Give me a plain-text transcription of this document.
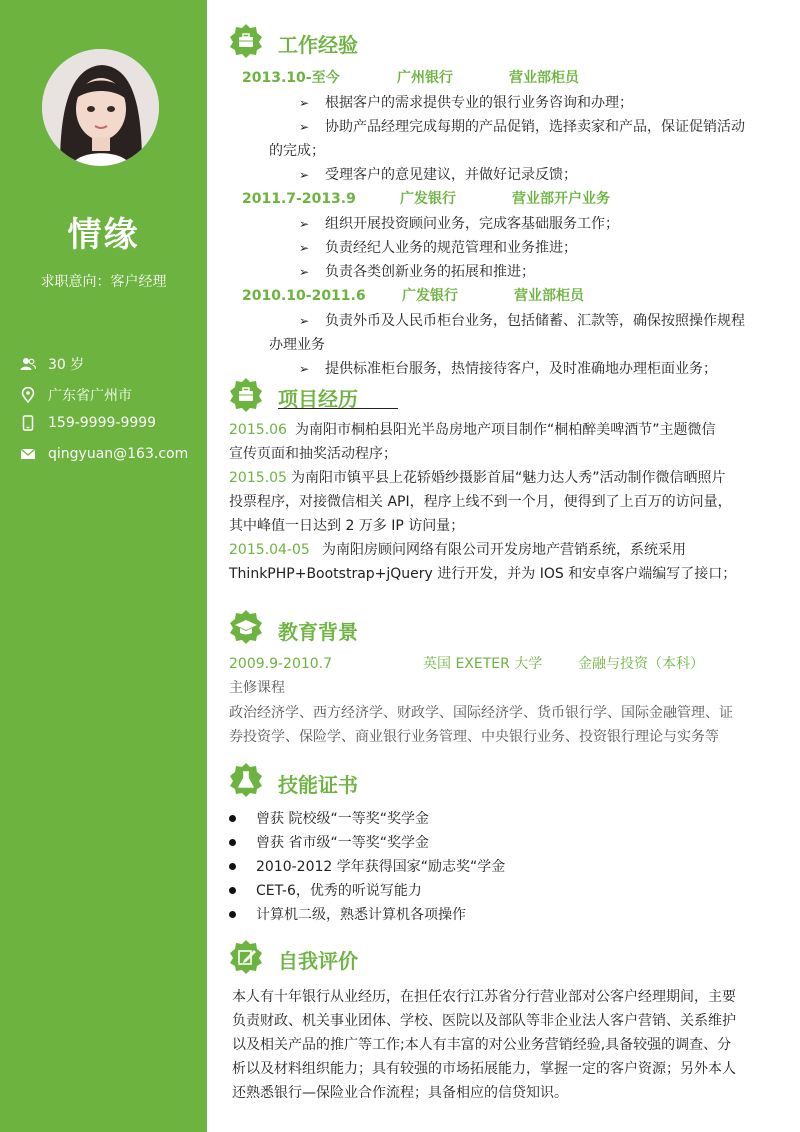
情缘
求职意向：客户经理
30 岁
广东省广州市
159-9999-9999
qingyuan@163.com
工作经验
2013.10-至今	广州银行	营业部柜员
➢ 根据客户的需求提供专业的银行业务咨询和办理；
➢ 协助产品经理完成每期的产品促销，选择卖家和产品，保证促销活动
的完成；
➢ 受理客户的意见建议，并做好记录反馈；
2011.7-2013.9	广发银行	营业部开户业务
➢ 组织开展投资顾问业务，完成客基础服务工作；
➢ 负责经纪人业务的规范管理和业务推进；
➢ 负责各类创新业务的拓展和推进；
2010.10-2011.6	广发银行	营业部柜员
➢ 负责外币及人民币柜台业务，包括储蓄、汇款等，确保按照操作规程
办理业务
➢ 提供标准柜台服务，热情接待客户，及时准确地办理柜面业务；
项目经历
2015.06 为南阳市桐柏县阳光半岛房地产项目制作“桐柏醉美啤酒节”主题微信
宣传页面和抽奖活动程序；
2015.05 为南阳市镇平县上花轿婚纱摄影首届“魅力达人秀”活动制作微信晒照片
投票程序，对接微信相关 API，程序上线不到一个月，便得到了上百万的访问量，
其中峰值一日达到 2 万多 IP 访问量；
2015.04-05 为南阳房顾问网络有限公司开发房地产营销系统，系统采用
ThinkPHP+Bootstrap+jQuery 进行开发，并为 IOS 和安卓客户端编写了接口；
教育背景
2009.9-2010.7	英国 EXETER 大学	金融与投资（本科）
主修课程
政治经济学、西方经济学、财政学、国际经济学、货币银行学、国际金融管理、证
券投资学、保险学、商业银行业务管理、中央银行业务、投资银行理论与实务等
技能证书
曾获 院校级“一等奖“奖学金
曾获 省市级“一等奖“奖学金
2010-2012 学年获得国家“励志奖“学金
CET-6，优秀的听说写能力
计算机二级，熟悉计算机各项操作
自我评价
本人有十年银行从业经历，在担任农行江苏省分行营业部对公客户经理期间，主要
负责财政、机关事业团体、学校、医院以及部队等非企业法人客户营销、关系维护
以及相关产品的推广等工作;本人有丰富的对公业务营销经验,具备较强的调查、分
析以及材料组织能力；具有较强的市场拓展能力，掌握一定的客户资源；另外本人
还熟悉银行—保险业合作流程；具备相应的信贷知识。
